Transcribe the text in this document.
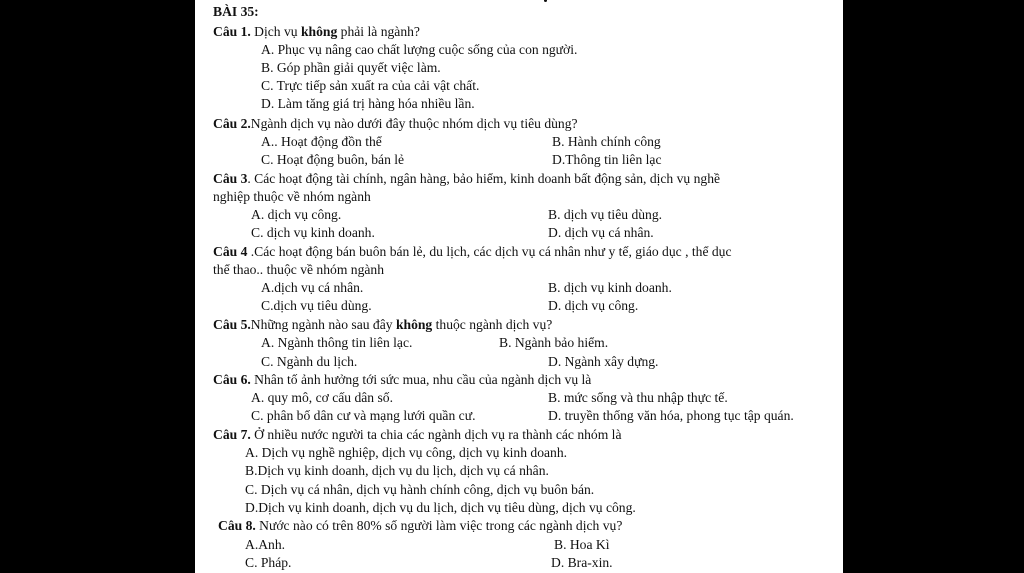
BÀI 35:
Câu 1. Dịch vụ không phải là ngành?
A. Phục vụ nâng cao chất lượng cuộc sống của con người.
B. Góp phần giải quyết việc làm.
C. Trực tiếp sản xuất ra của cải vật chất.
D. Làm tăng giá trị hàng hóa nhiều lần.
Câu 2.Ngành dịch vụ nào dưới đây thuộc nhóm dịch vụ tiêu dùng?
A.. Hoạt động đồn thể	B. Hành chính công
C. Hoạt động buôn, bán lẻ	D.Thông tin liên lạc
Câu 3. Các hoạt động tài chính, ngân hàng, bảo hiểm, kinh doanh bất động sản, dịch vụ nghề
nghiệp thuộc về nhóm ngành
A. dịch vụ công.	B. dịch vụ tiêu dùng.
C. dịch vụ kinh doanh.	D. dịch vụ cá nhân.
Câu 4 .Các hoạt động bán buôn bán lẻ, du lịch, các dịch vụ cá nhân như y tế, giáo dục , thể dục
thể thao.. thuộc về nhóm ngành
A.dịch vụ cá nhân.	B. dịch vụ kinh doanh.
C.dịch vụ tiêu dùng.	D. dịch vụ công.
Câu 5.Những ngành nào sau đây không thuộc ngành dịch vụ?
A. Ngành thông tin liên lạc.	B. Ngành bảo hiểm.
C. Ngành du lịch.	D. Ngành xây dựng.
Câu 6. Nhân tố ảnh hưởng tới sức mua, nhu cầu của ngành dịch vụ là
A. quy mô, cơ cấu dân số.	B. mức sống và thu nhập thực tế.
C. phân bố dân cư và mạng lưới quần cư.	D. truyền thống văn hóa, phong tục tập quán.
Câu 7. Ở nhiều nước người ta chia các ngành dịch vụ ra thành các nhóm là
A. Dịch vụ nghề nghiệp, dịch vụ công, dịch vụ kinh doanh.
B.Dịch vụ kinh doanh, dịch vụ du lịch, dịch vụ cá nhân.
C. Dịch vụ cá nhân, dịch vụ hành chính công, dịch vụ buôn bán.
D.Dịch vụ kinh doanh, dịch vụ du lịch, dịch vụ tiêu dùng, dịch vụ công.
Câu 8. Nước nào có trên 80% số người làm việc trong các ngành dịch vụ?
A.Anh.	B. Hoa Kì
C. Pháp.	D. Bra-xin.
